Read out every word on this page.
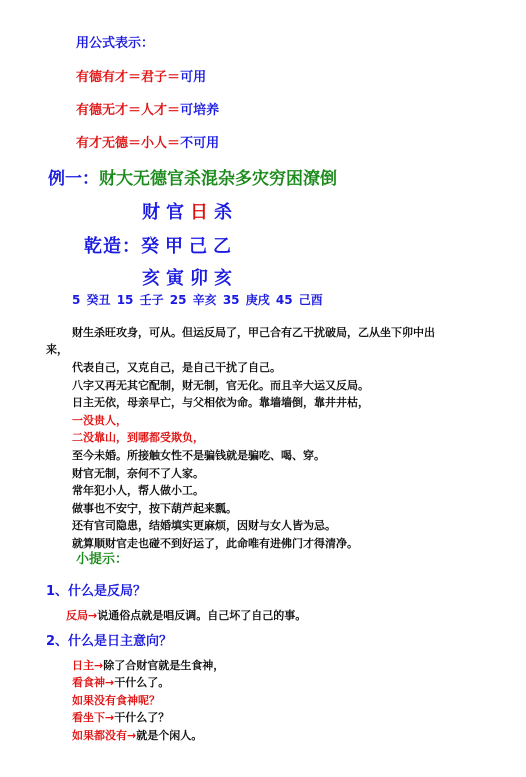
用公式表示：
有德有才＝君子＝可用
有德无才＝人才＝可培养
有才无德＝小人＝不可用
例一：财大无德官杀混杂多灾穷困潦倒
财官日杀
乾造：癸甲己乙
亥寅卯亥
5 癸丑 15 壬子 25 辛亥 35 庚戌 45 己酉
财生杀旺攻身，可从。但运反局了，甲己合有乙干扰破局，乙从坐下卯中出
来，
代表自己，又克自己，是自己干扰了自己。
八字又再无其它配制，财无制，官无化。而且辛大运又反局。
日主无依，母亲早亡，与父相依为命。靠墙墙倒，靠井井枯，
一没贵人，
二没靠山，到哪都受欺负，
至今未婚。所接触女性不是骗钱就是骗吃、喝、穿。
财官无制，奈何不了人家。
常年犯小人，帮人做小工。
做事也不安宁，按下葫芦起来瓢。
还有官司隐患，结婚填实更麻烦，因财与女人皆为忌。
就算顺财官走也碰不到好运了，此命唯有进佛门才得清净。
小提示：
1、什么是反局？
反局→说通俗点就是唱反调。自己坏了自己的事。
2、什么是日主意向？
日主→除了合财官就是生食神，
看食神→干什么了。
如果没有食神呢？
看坐下→干什么了？
如果都没有→就是个闲人。
